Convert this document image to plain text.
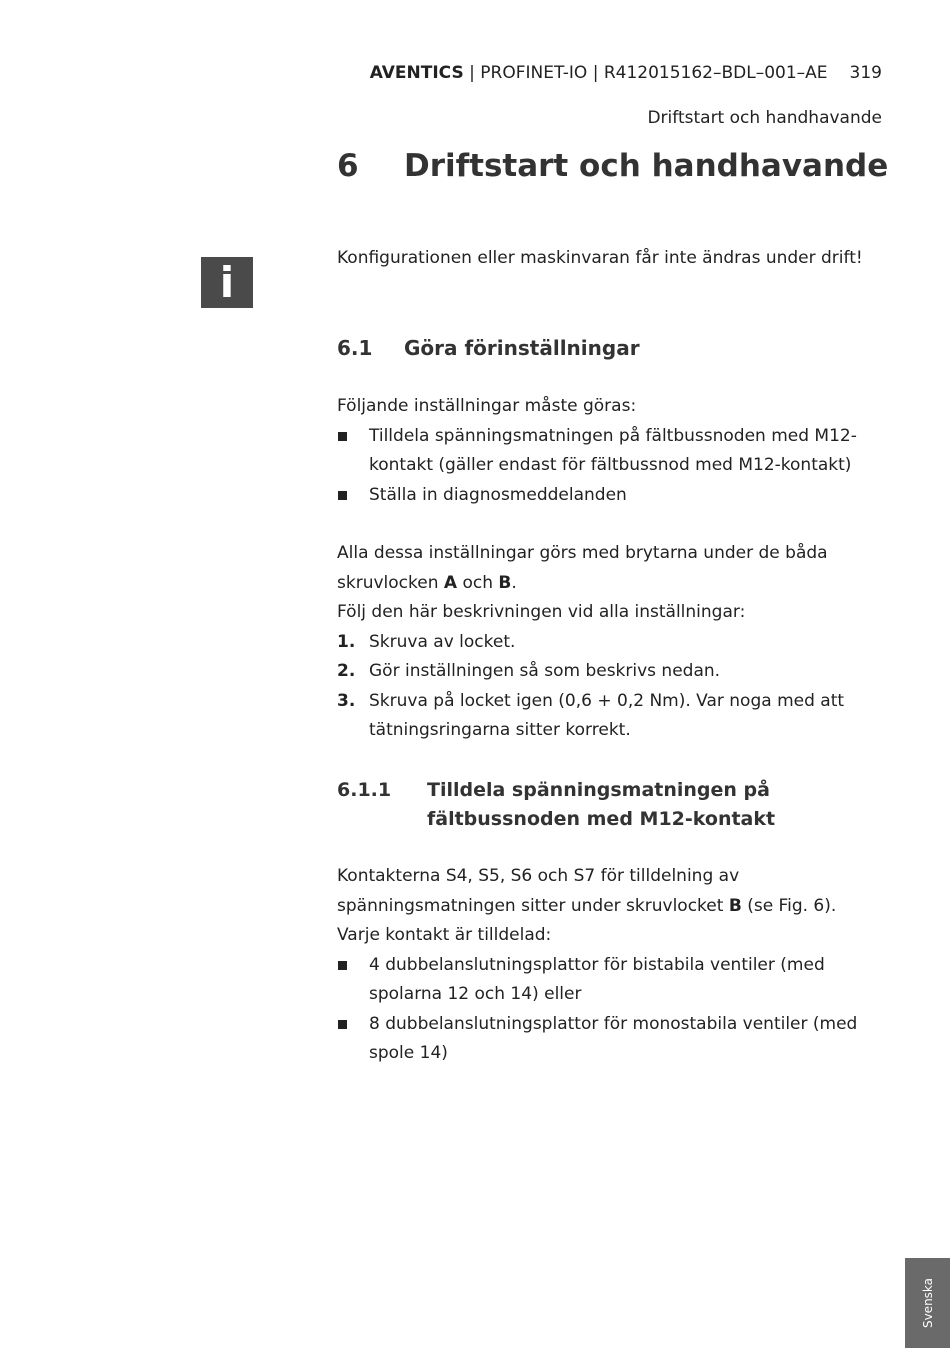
AVENTICS | PROFINET-IO | R412015162–BDL–001–AE 319
Driftstart och handhavande
6 Driftstart och handhavande
i	Konfigurationen eller maskinvaran får inte ändras under drift!
6.1 Göra förinställningar
Följande inställningar måste göras:
Tilldela spänningsmatningen på fältbussnoden med M12-kontakt (gäller endast för fältbussnod med M12-kontakt)
Ställa in diagnosmeddelanden
Alla dessa inställningar görs med brytarna under de båda skruvlocken A och B.
Följ den här beskrivningen vid alla inställningar:
1. Skruva av locket.
2. Gör inställningen så som beskrivs nedan.
3. Skruva på locket igen (0,6 + 0,2 Nm). Var noga med att tätningsringarna sitter korrekt.
6.1.1 Tilldela spänningsmatningen på fältbussnoden med M12-kontakt
Kontakterna S4, S5, S6 och S7 för tilldelning av spänningsmatningen sitter under skruvlocket B (se Fig. 6).
Varje kontakt är tilldelad:
4 dubbelanslutningsplattor för bistabila ventiler (med spolarna 12 och 14) eller
8 dubbelanslutningsplattor för monostabila ventiler (med spole 14)
Svenska
